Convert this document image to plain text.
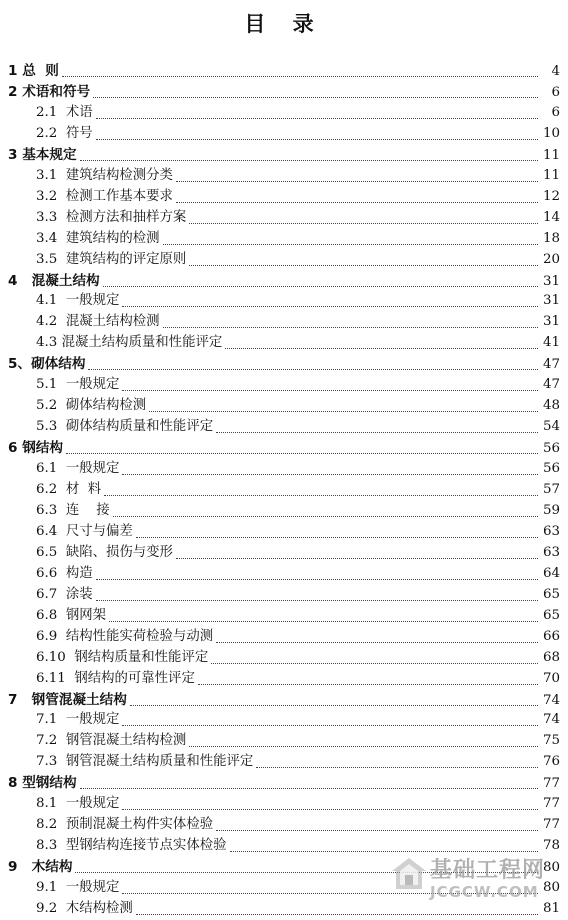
目 录
1 总  则	4
2 术语和符号	6
2.1 术语	6
2.2 符号	10
3 基本规定	11
3.1 建筑结构检测分类	11
3.2 检测工作基本要求	12
3.3 检测方法和抽样方案	14
3.4 建筑结构的检测	18
3.5 建筑结构的评定原则	20
4 混凝土结构	31
4.1 一般规定	31
4.2 混凝土结构检测	31
4.3 混凝土结构质量和性能评定	41
5、 砌体结构	47
5.1 一般规定	47
5.2 砌体结构检测	48
5.3 砌体结构质量和性能评定	54
6 钢结构	56
6.1 一般规定	56
6.2 材  料	57
6.3 连    接	59
6.4 尺寸与偏差	63
6.5 缺陷、损伤与变形	63
6.6 构造	64
6.7 涂装	65
6.8 钢网架	65
6.9 结构性能实荷检验与动测	66
6.10 钢结构质量和性能评定	68
6.11 钢结构的可靠性评定	70
7 钢管混凝土结构	74
7.1 一般规定	74
7.2 钢管混凝土结构检测	75
7.3 钢管混凝土结构质量和性能评定	76
8 型钢结构	77
8.1 一般规定	77
8.2 预制混凝土构件实体检验	77
8.3 型钢结构连接节点实体检验	78
9 木结构	80
9.1 一般规定	80
9.2 木结构检测	81
基础工程网
JCGCW.COM
